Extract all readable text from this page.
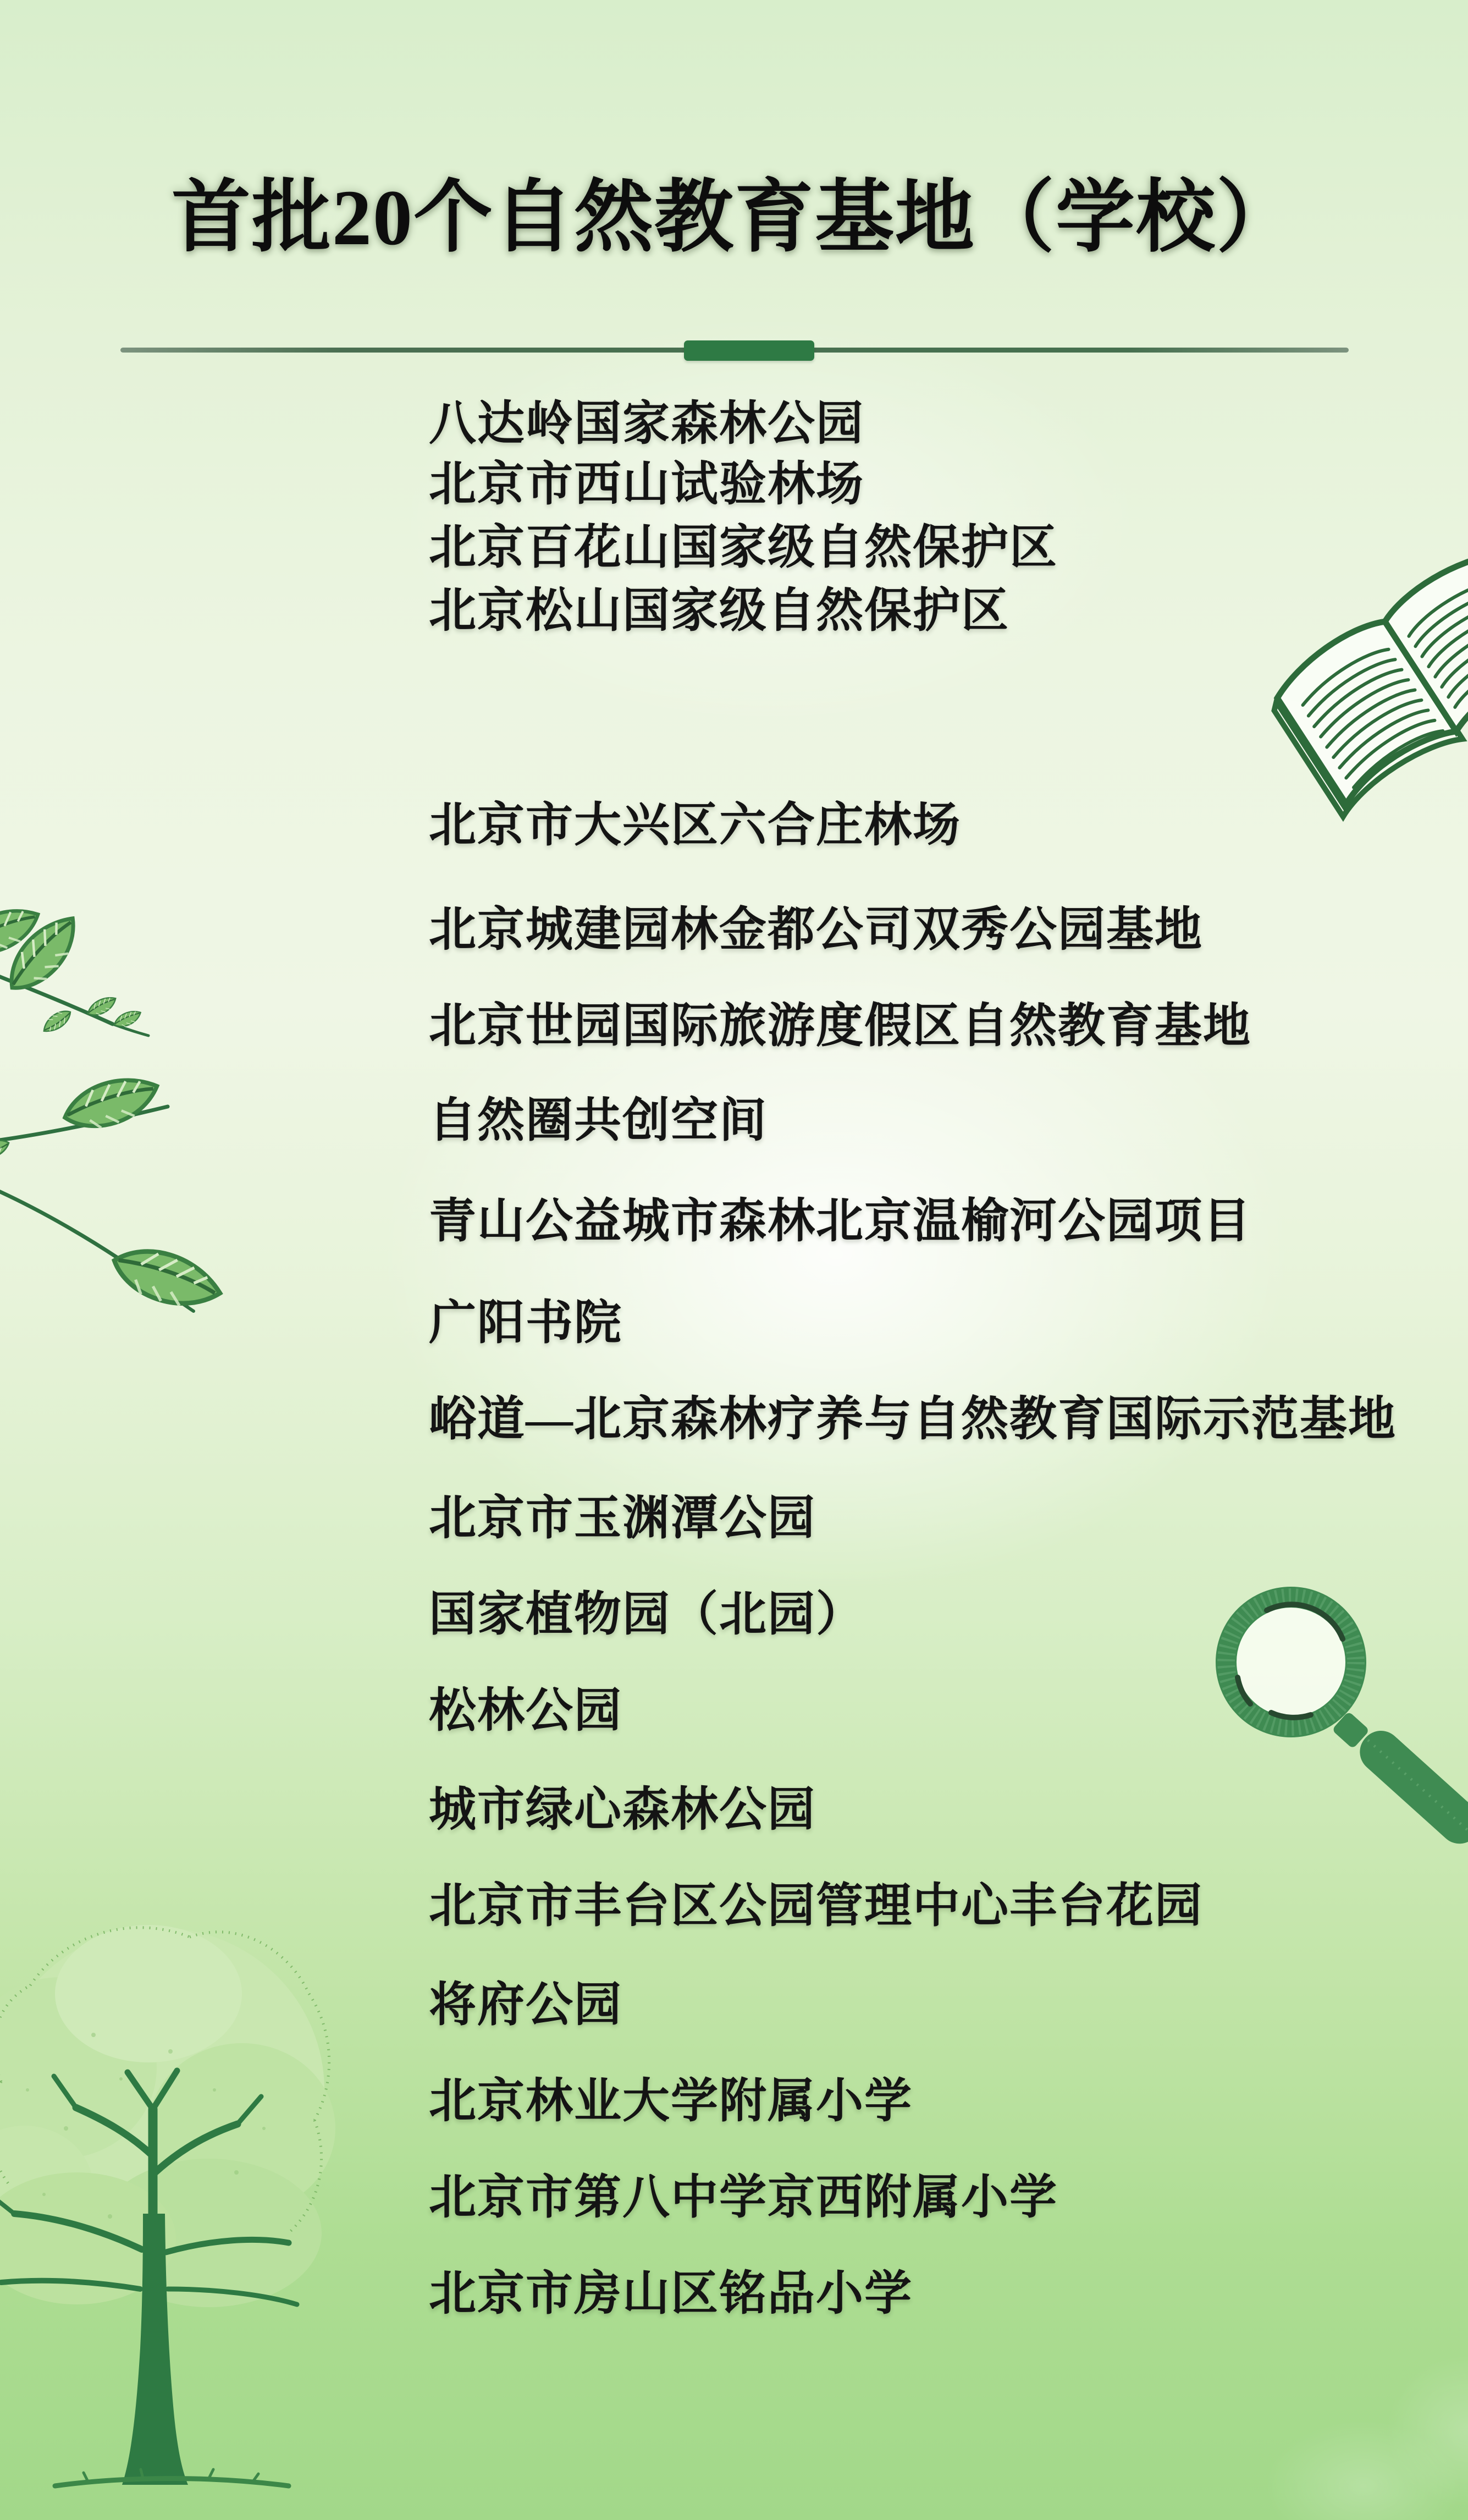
首批20个自然教育基地（学校）
八达岭国家森林公园
北京市西山试验林场
北京百花山国家级自然保护区
北京松山国家级自然保护区
北京市大兴区六合庄林场
北京城建园林金都公司双秀公园基地
北京世园国际旅游度假区自然教育基地
自然圈共创空间
青山公益城市森林北京温榆河公园项目
广阳书院
峪道—北京森林疗养与自然教育国际示范基地
北京市玉渊潭公园
国家植物园（北园）
松林公园
城市绿心森林公园
北京市丰台区公园管理中心丰台花园
将府公园
北京林业大学附属小学
北京市第八中学京西附属小学
北京市房山区铭品小学
